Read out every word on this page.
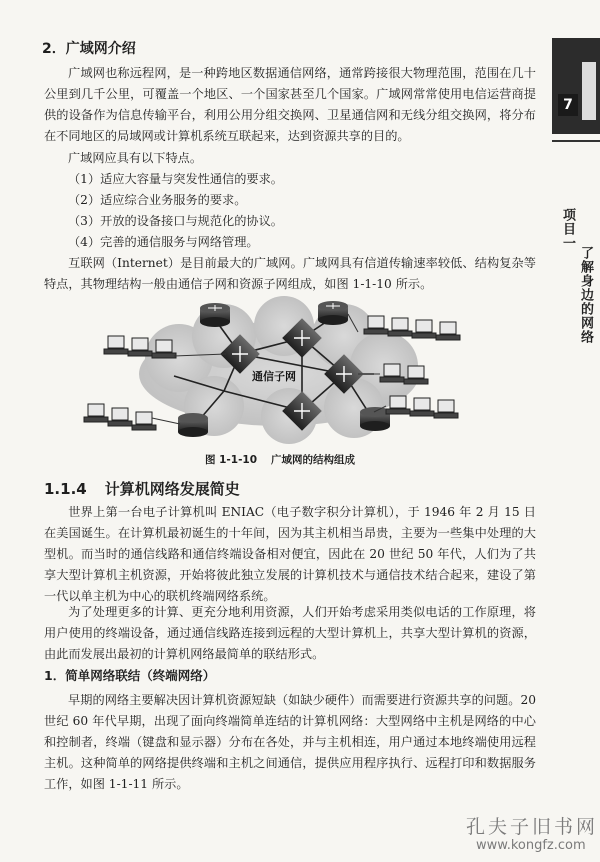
7
项目一
了解身边的网络
2．广域网介绍
广域网也称远程网，是一种跨地区数据通信网络，通常跨接很大物理范围，范围在几十公里到几千公里，可覆盖一个地区、一个国家甚至几个国家。广域网常常使用电信运营商提供的设备作为信息传输平台，利用公用分组交换网、卫星通信网和无线分组交换网，将分布在不同地区的局域网或计算机系统互联起来，达到资源共享的目的。
广域网应具有以下特点。
（1）适应大容量与突发性通信的要求。
（2）适应综合业务服务的要求。
（3）开放的设备接口与规范化的协议。
（4）完善的通信服务与网络管理。
互联网（Internet）是目前最大的广域网。广域网具有信道传输速率较低、结构复杂等特点，其物理结构一般由通信子网和资源子网组成，如图 1-1-10 所示。
通信子网
图 1-1-10 广域网的结构组成
1.1.4 计算机网络发展简史
世界上第一台电子计算机叫 ENIAC（电子数字积分计算机），于 1946 年 2 月 15 日在美国诞生。在计算机最初诞生的十年间，因为其主机相当昂贵，主要为一些集中处理的大型机。而当时的通信线路和通信终端设备相对便宜，因此在 20 世纪 50 年代，人们为了共享大型计算机主机资源，开始将彼此独立发展的计算机技术与通信技术结合起来，建设了第一代以单主机为中心的联机终端网络系统。
为了处理更多的计算、更充分地利用资源，人们开始考虑采用类似电话的工作原理，将用户使用的终端设备，通过通信线路连接到远程的大型计算机上，共享大型计算机的资源，由此而发展出最初的计算机网络最简单的联结形式。
1．简单网络联结（终端网络）
早期的网络主要解决因计算机资源短缺（如缺少硬件）而需要进行资源共享的问题。20 世纪 60 年代早期，出现了面向终端简单连结的计算机网络：大型网络中主机是网络的中心和控制者，终端（键盘和显示器）分布在各处，并与主机相连，用户通过本地终端使用远程主机。这种简单的网络提供终端和主机之间通信，提供应用程序执行、远程打印和数据服务工作，如图 1-1-11 所示。
孔夫子旧书网
www.kongfz.com
